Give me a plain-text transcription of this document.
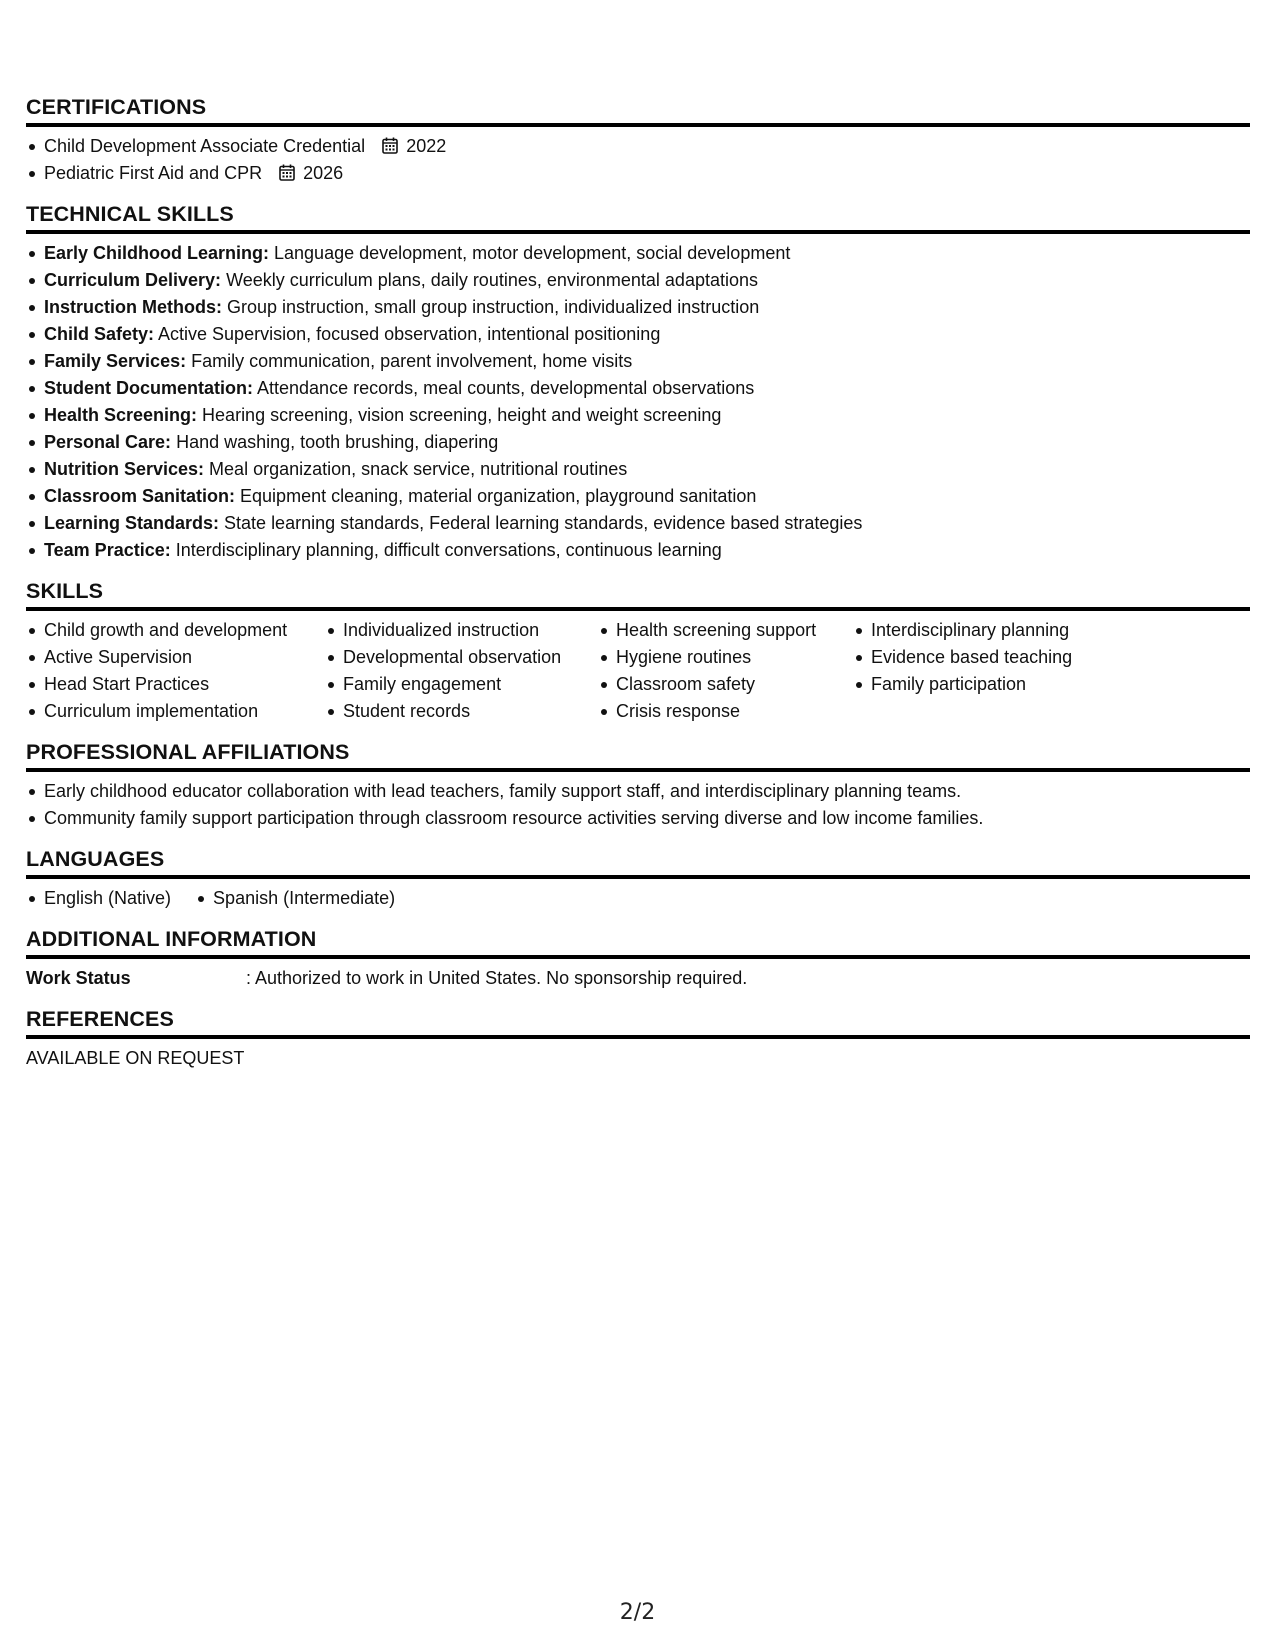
CERTIFICATIONS
Child Development Associate Credential 2022
Pediatric First Aid and CPR 2026
TECHNICAL SKILLS
Early Childhood Learning: Language development, motor development, social development
Curriculum Delivery: Weekly curriculum plans, daily routines, environmental adaptations
Instruction Methods: Group instruction, small group instruction, individualized instruction
Child Safety: Active Supervision, focused observation, intentional positioning
Family Services: Family communication, parent involvement, home visits
Student Documentation: Attendance records, meal counts, developmental observations
Health Screening: Hearing screening, vision screening, height and weight screening
Personal Care: Hand washing, tooth brushing, diapering
Nutrition Services: Meal organization, snack service, nutritional routines
Classroom Sanitation: Equipment cleaning, material organization, playground sanitation
Learning Standards: State learning standards, Federal learning standards, evidence based strategies
Team Practice: Interdisciplinary planning, difficult conversations, continuous learning
SKILLS
Child growth and development
Active Supervision
Head Start Practices
Curriculum implementation
Individualized instruction
Developmental observation
Family engagement
Student records
Health screening support
Hygiene routines
Classroom safety
Crisis response
Interdisciplinary planning
Evidence based teaching
Family participation
PROFESSIONAL AFFILIATIONS
Early childhood educator collaboration with lead teachers, family support staff, and interdisciplinary planning teams.
Community family support participation through classroom resource activities serving diverse and low income families.
LANGUAGES
English (Native)	Spanish (Intermediate)
ADDITIONAL INFORMATION
Work Status	: Authorized to work in United States. No sponsorship required.
REFERENCES
AVAILABLE ON REQUEST
2/2
